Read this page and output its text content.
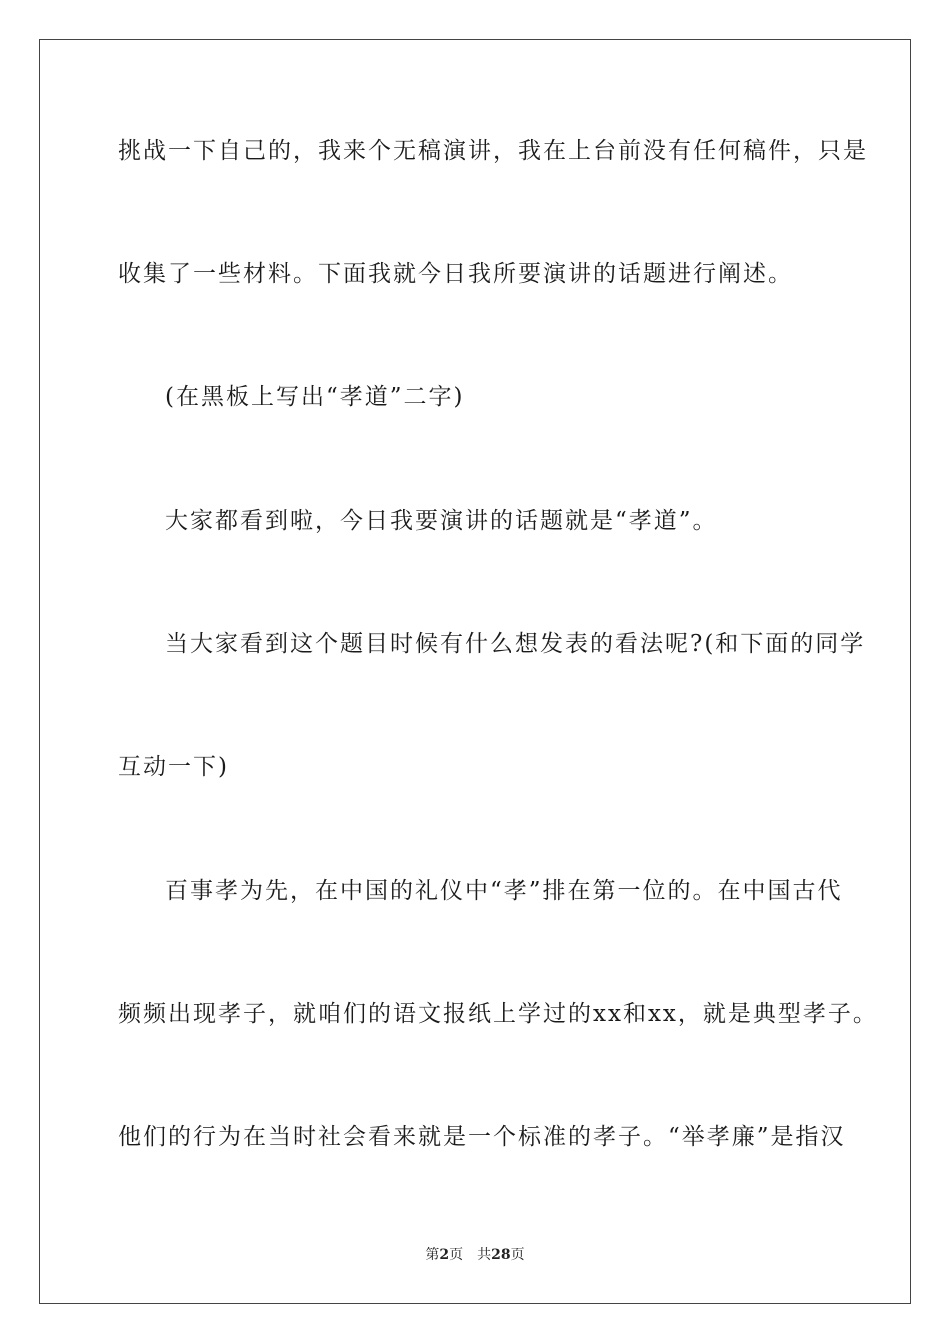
挑战一下自己的，我来个无稿演讲，我在上台前没有任何稿件，只是
收集了一些材料。下面我就今日我所要演讲的话题进行阐述。
(在黑板上写出“孝道”二字)
大家都看到啦，今日我要演讲的话题就是“孝道”。
当大家看到这个题目时候有什么想发表的看法呢?(和下面的同学
互动一下)
百事孝为先，在中国的礼仪中“孝”排在第一位的。在中国古代
频频出现孝子，就咱们的语文报纸上学过的xx和xx，就是典型孝子。
他们的行为在当时社会看来就是一个标准的孝子。“举孝廉”是指汉
第2页 共28页
